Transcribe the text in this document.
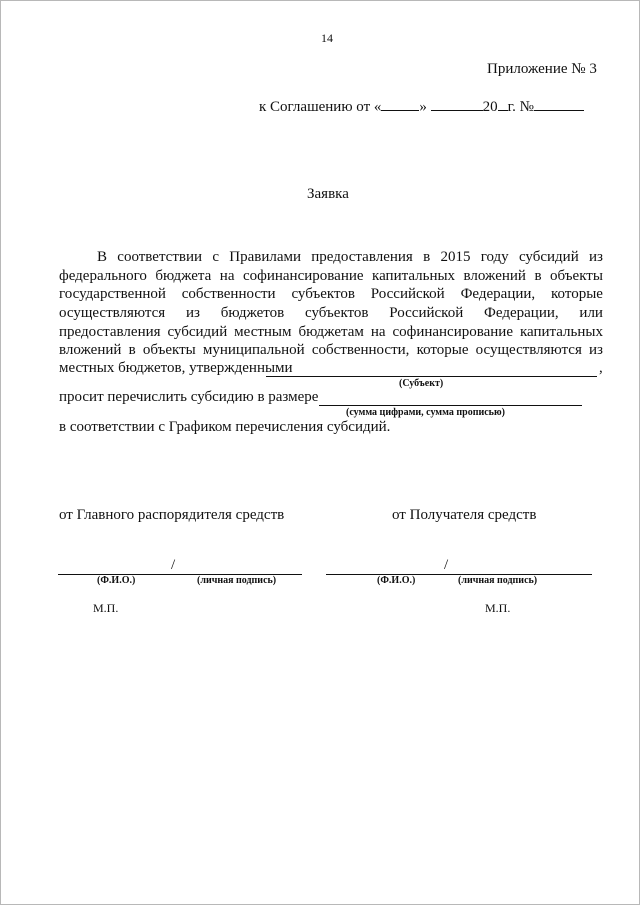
14
Приложение № 3
к Соглашению от «	»	20 г. №
Заявка
В соответствии с Правилами предоставления в 2015 году субсидий из
федерального бюджета на софинансирование капитальных вложений в объекты
государственной собственности субъектов Российской Федерации, которые
осуществляются из бюджетов субъектов Российской Федерации, или
предоставления субсидий местным бюджетам на софинансирование капитальных
вложений в объекты муниципальной собственности, которые осуществляются из
местных бюджетов, утвержденными	,
(Субъект)
просит перечислить субсидию в размере
(сумма цифрами, сумма прописью)
в соответствии с Графиком перечисления субсидий.
от Главного распорядителя средств	от Получателя средств
/
(Ф.И.О.)	(личная подпись)
М.П.
/
(Ф.И.О.)	(личная подпись)
М.П.
